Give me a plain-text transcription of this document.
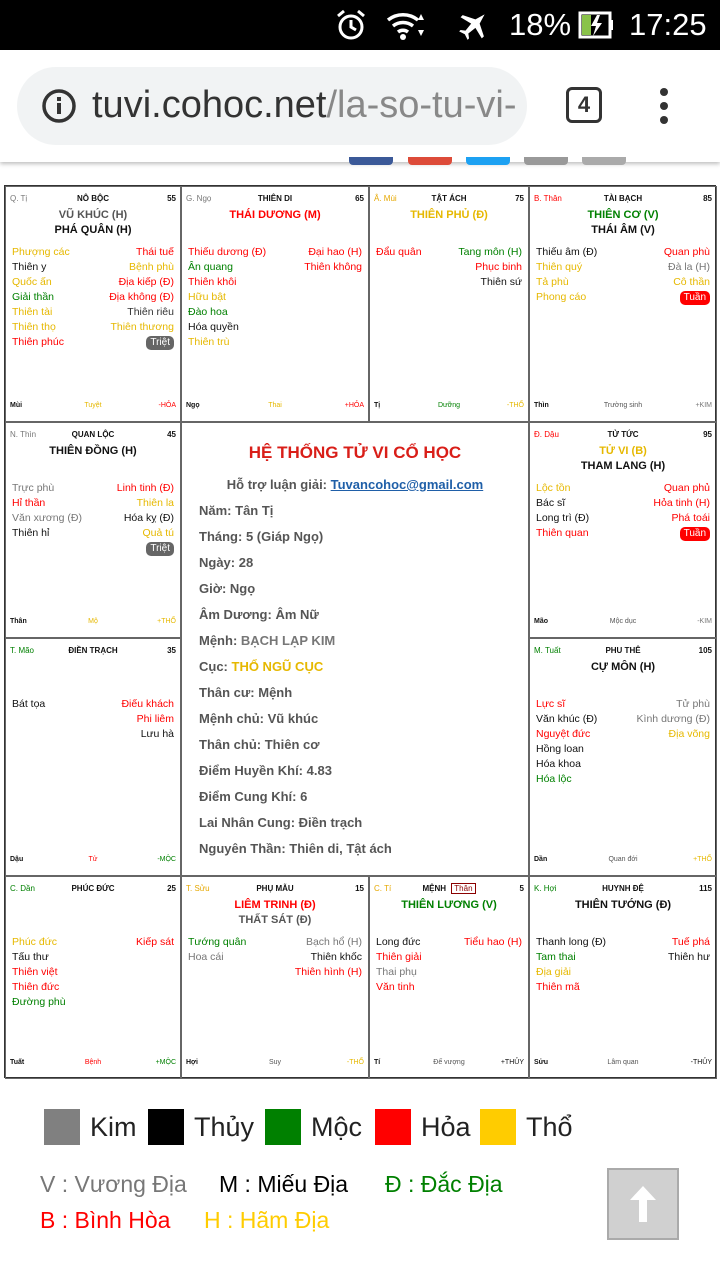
18% 17:25
tuvi.cohoc.net/la-so-tu-vi-	4
Q. Tị	NÔ BỘC	55
VŨ KHÚC (H)
PHÁ QUÂN (H)
Phượng các	Thái tuế
Thiên y	Bệnh phù
Quốc ấn	Địa kiếp (Đ)
Giải thần	Địa không (Đ)
Thiên tài	Thiên riêu
Thiên thọ	Thiên thương
Thiên phúc	Triệt
Mùi	Tuyệt	-HỎA
G. Ngọ	THIÊN DI	65
THÁI DƯƠNG (M)
Thiếu dương (Đ)	Đại hao (H)
Ân quang	Thiên không
Thiên khôi
Hữu bật
Đào hoa
Hóa quyền
Thiên trù
Ngọ	Thai	+HỎA
Â. Mùi	TẬT ÁCH	75
THIÊN PHỦ (Đ)
Đẩu quân	Tang môn (H)
Phục binh
Thiên sứ
Tị	Dưỡng	-THỔ
B. Thân	TÀI BẠCH	85
THIÊN CƠ (V)
THÁI ÂM (V)
Thiếu âm (Đ)	Quan phù
Thiên quý	Đà la (H)
Tả phù	Cô thần
Phong cáo	Tuần
Thìn	Trường sinh	+KIM
N. Thìn	QUAN LỘC	45
THIÊN ĐỒNG (H)
Trực phù	Linh tinh (Đ)
Hỉ thần	Thiên la
Văn xương (Đ)	Hóa kỵ (Đ)
Thiên hỉ	Quả tú
Triệt
Thân	Mộ	+THỔ
Đ. Dậu	TỬ TỨC	95
TỬ VI (B)
THAM LANG (H)
Lộc tồn	Quan phủ
Bác sĩ	Hỏa tinh (H)
Long trì (Đ)	Phá toái
Thiên quan	Tuần
Mão	Mộc dục	-KIM
T. Mão	ĐIỀN TRẠCH	35
Bát tọa	Điếu khách
Phi liêm
Lưu hà
Dậu	Tử	-MỘC
M. Tuất	PHU THÊ	105
CỰ MÔN (H)
Lực sĩ	Tử phù
Văn khúc (Đ)	Kình dương (Đ)
Nguyệt đức	Địa võng
Hồng loan
Hóa khoa
Hóa lộc
Dần	Quan đới	+THỔ
C. Dần	PHÚC ĐỨC	25
Phúc đức	Kiếp sát
Tấu thư
Thiên việt
Thiên đức
Đường phù
Tuất	Bệnh	+MỘC
T. Sửu	PHỤ MẪU	15
LIÊM TRINH (Đ)
THẤT SÁT (Đ)
Tướng quân	Bạch hổ (H)
Hoa cái	Thiên khốc
Thiên hình (H)
Hợi	Suy	-THỔ
C. Tí	MỆNH Thân	5
THIÊN LƯƠNG (V)
Long đức	Tiểu hao (H)
Thiên giải
Thai phụ
Văn tinh
Tí	Đế vượng	+THỦY
K. Hợi	HUYNH ĐỆ	115
THIÊN TƯỚNG (Đ)
Thanh long (Đ)	Tuế phá
Tam thai	Thiên hư
Địa giải
Thiên mã
Sửu	Lâm quan	-THỦY
HỆ THỐNG TỬ VI CỔ HỌC
Hỗ trợ luận giải: Tuvancohoc@gmail.com
Năm: Tân Tị
Tháng: 5 (Giáp Ngọ)
Ngày: 28
Giờ: Ngọ
Âm Dương: Âm Nữ
Mệnh: BẠCH LẠP KIM
Cục: THỔ NGŨ CỤC
Thân cư: Mệnh
Mệnh chủ: Vũ khúc
Thân chủ: Thiên cơ
Điểm Huyền Khí: 4.83
Điểm Cung Khí: 6
Lai Nhân Cung: Điền trạch
Nguyên Thần: Thiên di, Tật ách
Kim Thủy Mộc Hỏa Thổ
V : Vương Địa M : Miếu Địa Đ : Đắc Địa
B : Bình Hòa H : Hãm Địa
